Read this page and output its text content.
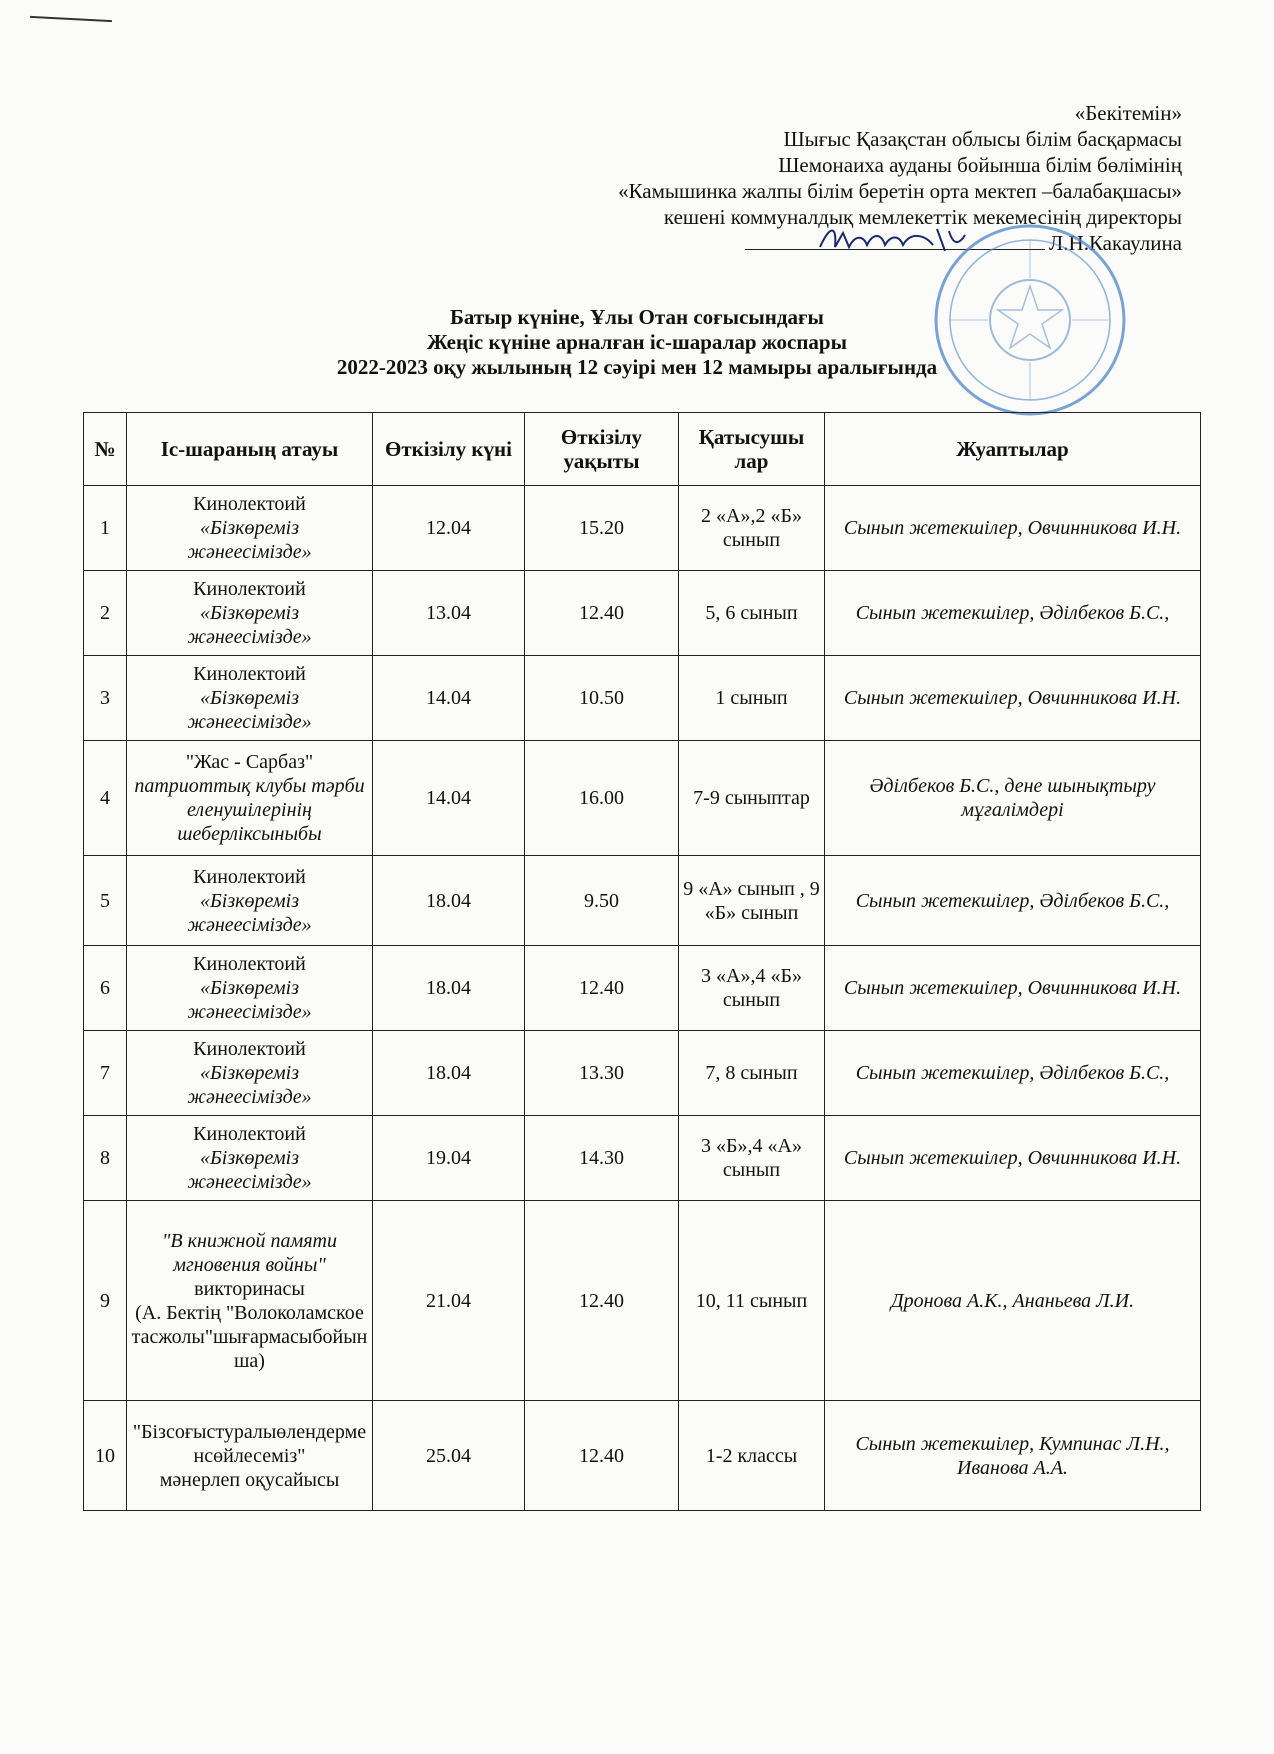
«Бекітемін»
Шығыс Қазақстан облысы білім басқармасы
Шемонаиха ауданы бойынша білім бөлімінің
«Камышинка жалпы білім беретін орта мектеп –балабақшасы»
кешені коммуналдық мемлекеттік мекемесінің директоры
Л.Н.Какаулина
Батыр күніне, Ұлы Отан соғысындағы
Жеңіс күніне арналған іс-шаралар жоспары
2022-2023 оқу жылының 12 сәуірі мен 12 мамыры аралығында
№	Іс-шараның атауы	Өткізілу күні	Өткізілу уақыты	Қатысушы лар	Жуаптылар
1	Кинолектоий
«Бізкөреміз
жәнеесіміздe»	12.04	15.20	2 «А»,2 «Б» сынып	Сынып жетекшілер, Овчинникова И.Н.
2	Кинолектоий
«Бізкөреміз
жәнеесіміздe»	13.04	12.40	5, 6 сынып	Сынып жетекшілер, Әділбеков Б.С.,
3	Кинолектоий
«Бізкөреміз
жәнеесіміздe»	14.04	10.50	1 сынып	Сынып жетекшілер, Овчинникова И.Н.
4	"Жас - Сарбаз"
патриоттық клубы тәрбиеленушілерінің
шеберліксыныбы	14.04	16.00	7-9 сыныптар	Әділбеков Б.С., дене шынықтыру мұғалімдері
5	Кинолектоий
«Бізкөреміз
жәнеесіміздe»	18.04	9.50	9 «А» сынып , 9 «Б» сынып	Сынып жетекшілер, Әділбеков Б.С.,
6	Кинолектоий
«Бізкөреміз
жәнеесіміздe»	18.04	12.40	3 «А»,4 «Б» сынып	Сынып жетекшілер, Овчинникова И.Н.
7	Кинолектоий
«Бізкөреміз
жәнеесіміздe»	18.04	13.30	7, 8 сынып	Сынып жетекшілер, Әділбеков Б.С.,
8	Кинолектоий
«Бізкөреміз
жәнеесіміздe»	19.04	14.30	3 «Б»,4 «А» сынып	Сынып жетекшілер, Овчинникова И.Н.
9	"В книжной памяти мгновения войны"
викторинасы
(А. Бектің "Волоколамское тасжолы"шығармасыбойынша)	21.04	12.40	10, 11 сынып	Дронова А.К., Ананьева Л.И.
10	"Бізсоғыстуралыөлендерменсөйлесеміз"
мәнерлеп оқусайысы	25.04	12.40	1-2 классы	Сынып жетекшілер, Кумпинас Л.Н., Иванова А.А.
